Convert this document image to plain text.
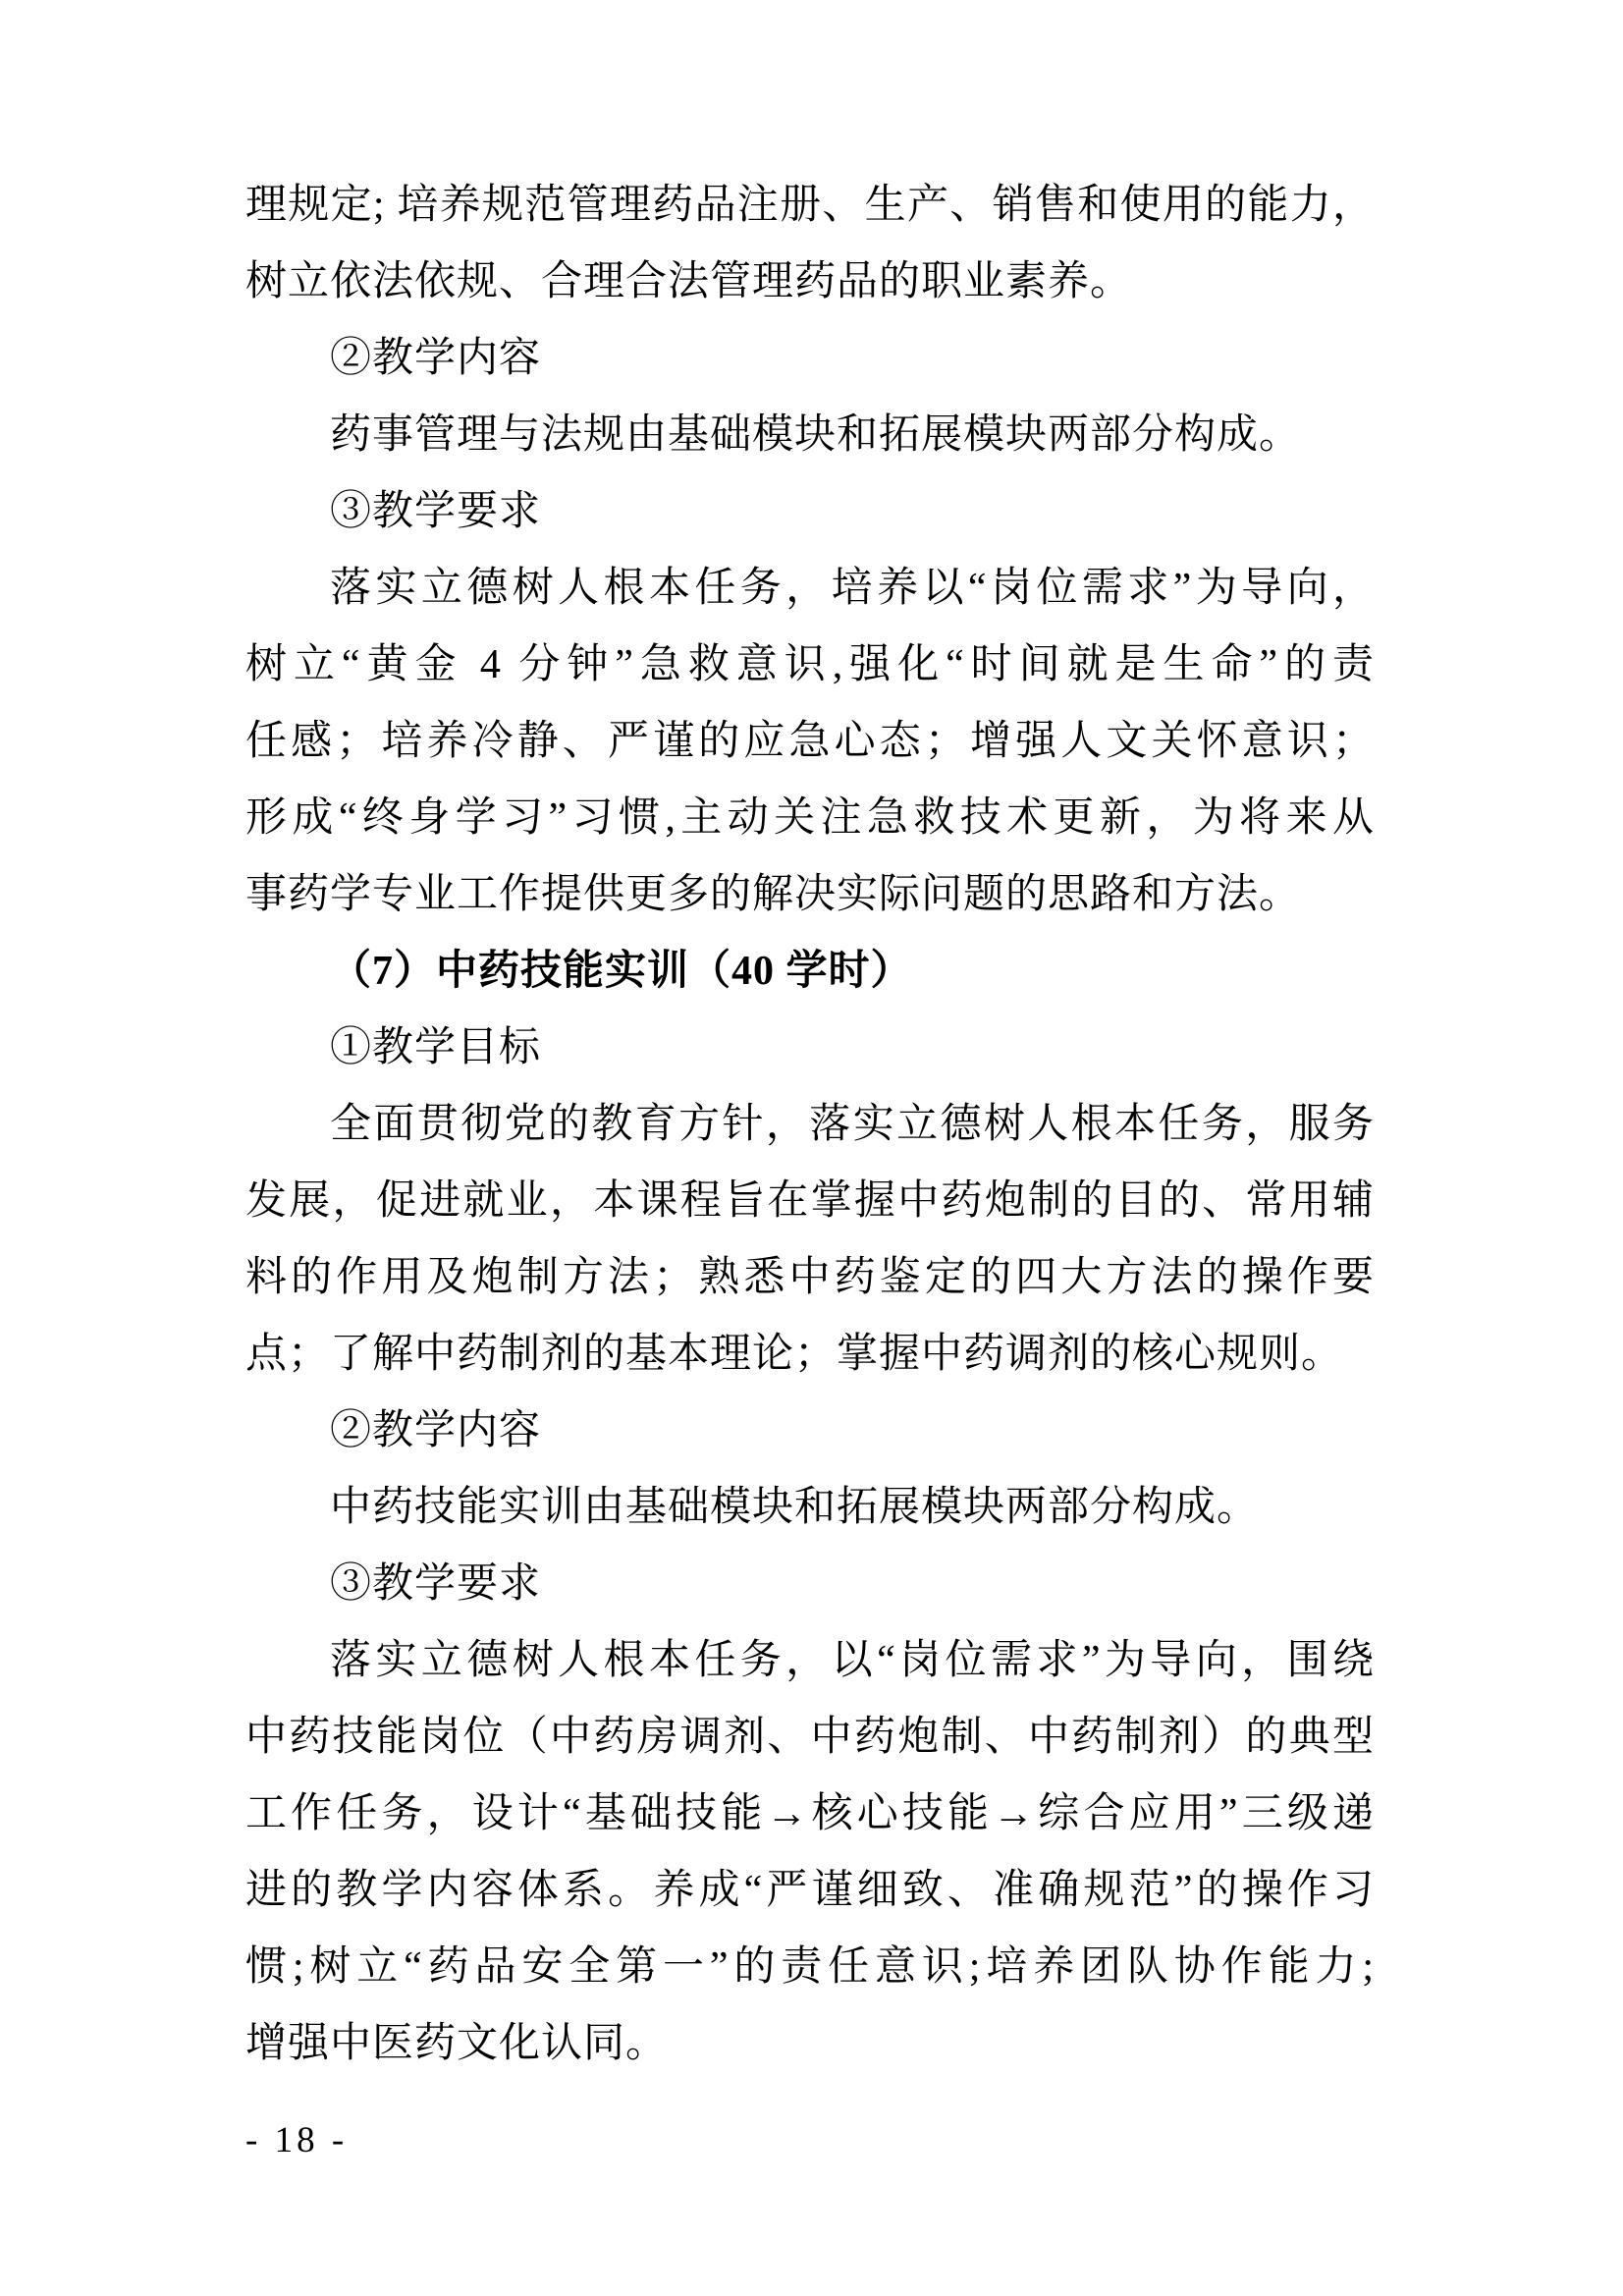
理规定; 培养规范管理药品注册、生产、销售和使用的能力，
树立依法依规、合理合法管理药品的职业素养。
②教学内容
药事管理与法规由基础模块和拓展模块两部分构成。
③教学要求
落实立德树人根本任务，培养以“岗位需求”为导向，
树立“黄金 4 分钟”急救意识,强化“时间就是生命”的责
任感；培养冷静、严谨的应急心态；增强人文关怀意识；
形成“终身学习”习惯,主动关注急救技术更新，为将来从
事药学专业工作提供更多的解决实际问题的思路和方法。
（7）中药技能实训（40 学时）
①教学目标
全面贯彻党的教育方针，落实立德树人根本任务，服务
发展，促进就业，本课程旨在掌握中药炮制的目的、常用辅
料的作用及炮制方法；熟悉中药鉴定的四大方法的操作要
点；了解中药制剂的基本理论；掌握中药调剂的核心规则。
②教学内容
中药技能实训由基础模块和拓展模块两部分构成。
③教学要求
落实立德树人根本任务，以“岗位需求”为导向，围绕
中药技能岗位（中药房调剂、中药炮制、中药制剂）的典型
工作任务，设计“基础技能→核心技能→综合应用”三级递
进的教学内容体系。养成“严谨细致、准确规范”的操作习
惯;树立“药品安全第一”的责任意识;培养团队协作能力;
增强中医药文化认同。
- 18 -
